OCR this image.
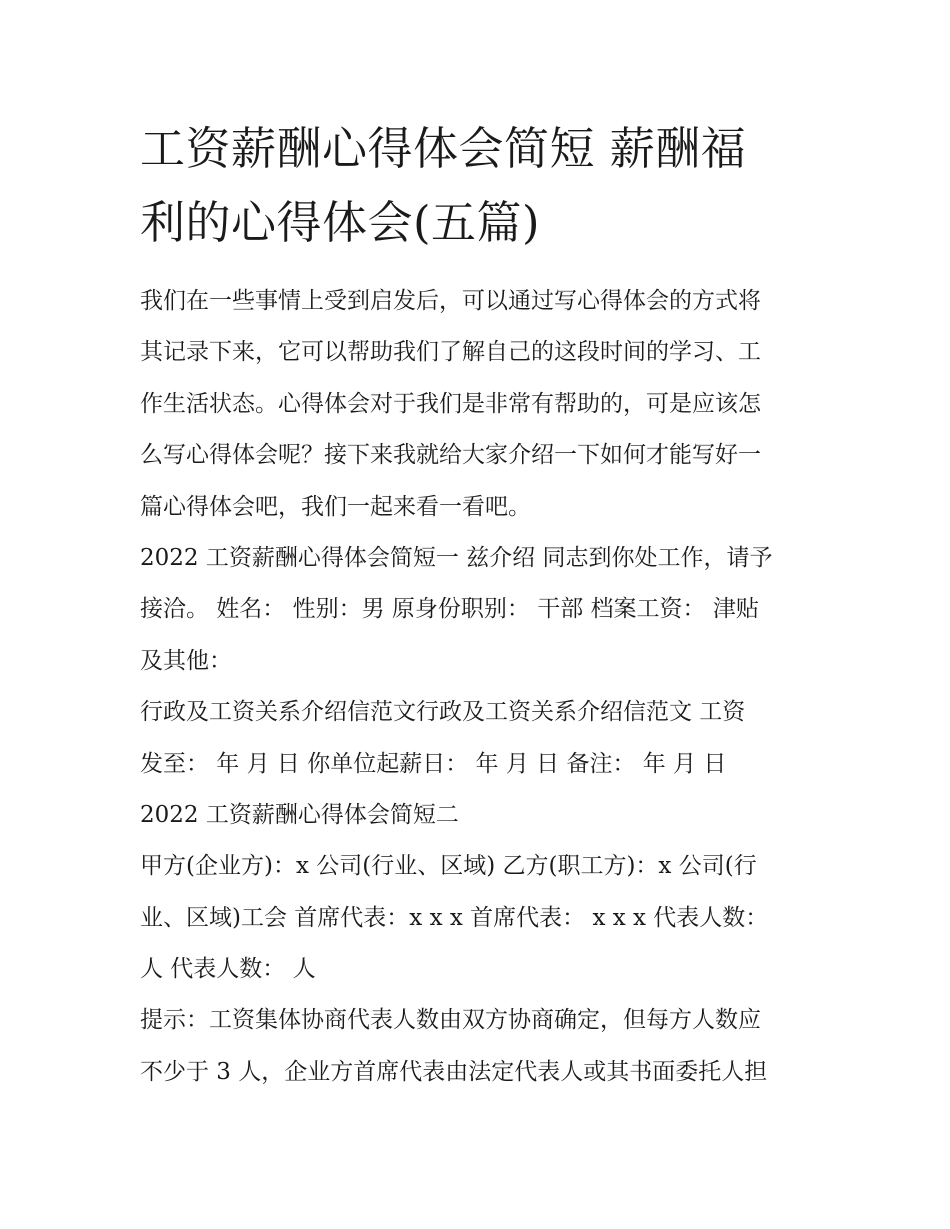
工资薪酬心得体会简短 薪酬福
利的心得体会(五篇)
我们在一些事情上受到启发后，可以通过写心得体会的方式将
其记录下来，它可以帮助我们了解自己的这段时间的学习、工
作生活状态。心得体会对于我们是非常有帮助的，可是应该怎
么写心得体会呢？接下来我就给大家介绍一下如何才能写好一
篇心得体会吧，我们一起来看一看吧。
2022 工资薪酬心得体会简短一 兹介绍 同志到你处工作，请予
接洽。 姓名： 性别：男 原身份职别： 干部 档案工资： 津贴
及其他：
行政及工资关系介绍信范文行政及工资关系介绍信范文 工资
发至： 年 月 日 你单位起薪日： 年 月 日 备注： 年 月 日
2022 工资薪酬心得体会简短二
甲方(企业方)：x 公司(行业、区域) 乙方(职工方)：x 公司(行
业、区域)工会 首席代表：x x x 首席代表： x x x 代表人数：
人 代表人数： 人
提示：工资集体协商代表人数由双方协商确定，但每方人数应
不少于 3 人，企业方首席代表由法定代表人或其书面委托人担
